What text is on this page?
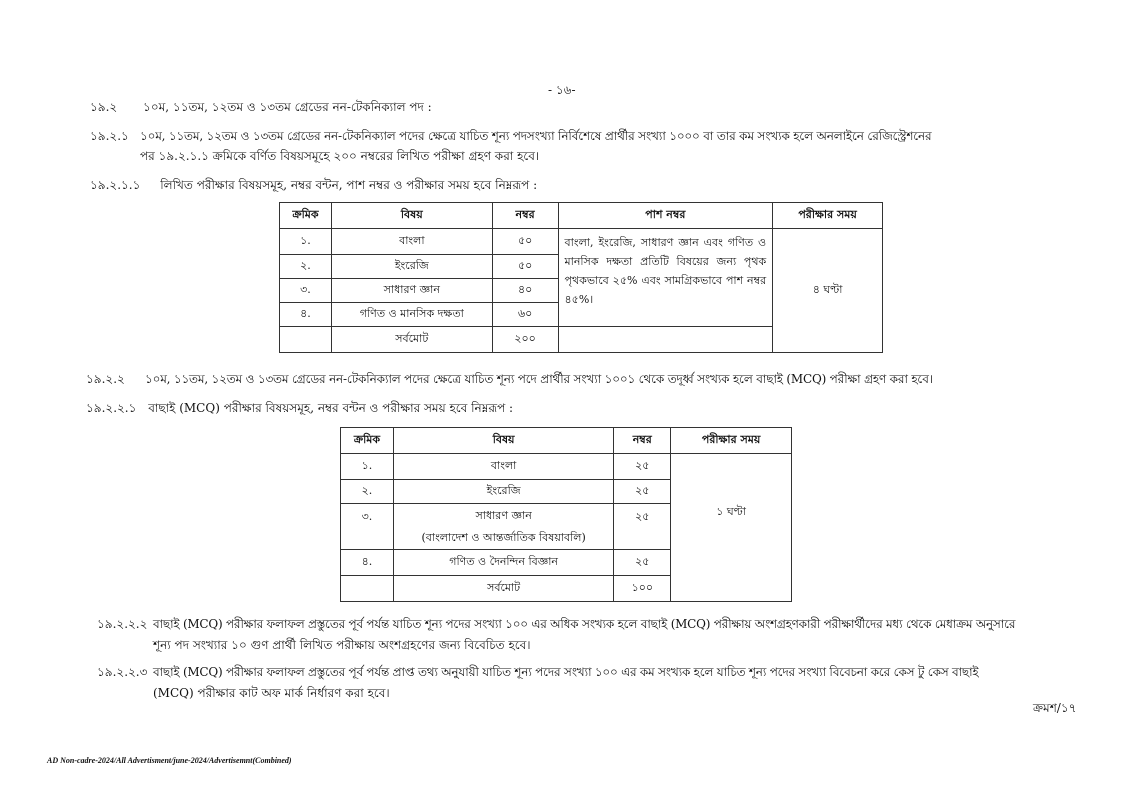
- ১৬-
১৯.২ ১০ম, ১১তম, ১২তম ও ১৩তম গ্রেডের নন-টেকনিক্যাল পদ :
১৯.২.১ ১০ম, ১১তম, ১২তম ও ১৩তম গ্রেডের নন-টেকনিক্যাল পদের ক্ষেত্রে যাচিত শূন্য পদসংখ্যা নির্বিশেষে প্রার্থীর সংখ্যা ১০০০ বা তার কম সংখ্যক হলে অনলাইনে রেজিস্ট্রেশনের
পর ১৯.২.১.১ ক্রমিকে বর্ণিত বিষয়সমূহে ২০০ নম্বরের লিখিত পরীক্ষা গ্রহণ করা হবে।
১৯.২.১.১ লিখিত পরীক্ষার বিষয়সমূহ, নম্বর বন্টন, পাশ নম্বর ও পরীক্ষার সময় হবে নিম্নরূপ :
ক্রমিক	বিষয়	নম্বর	পাশ নম্বর	পরীক্ষার সময়
১.	বাংলা	৫০	বাংলা, ইংরেজি, সাধারণ জ্ঞান এবং গণিত ও মানসিক দক্ষতা প্রতিটি বিষয়ের জন্য পৃথক পৃথকভাবে ২৫% এবং সামগ্রিকভাবে পাশ নম্বর ৪৫%।	৪ ঘণ্টা
২.	ইংরেজি	৫০		
৩.	সাধারণ জ্ঞান	৪০		
৪.	গণিত ও মানসিক দক্ষতা	৬০		
	সর্বমোট	২০০		
১৯.২.২ ১০ম, ১১তম, ১২তম ও ১৩তম গ্রেডের নন-টেকনিক্যাল পদের ক্ষেত্রে যাচিত শূন্য পদে প্রার্থীর সংখ্যা ১০০১ থেকে তদূর্ধ্ব সংখ্যক হলে বাছাই (MCQ) পরীক্ষা গ্রহণ করা হবে।
১৯.২.২.১ বাছাই (MCQ) পরীক্ষার বিষয়সমূহ, নম্বর বন্টন ও পরীক্ষার সময় হবে নিম্নরূপ :
ক্রমিক	বিষয়	নম্বর	পরীক্ষার সময়
১.	বাংলা	২৫	১ ঘণ্টা
২.	ইংরেজি	২৫	
৩.	সাধারণ জ্ঞান
(বাংলাদেশ ও আন্তর্জাতিক বিষয়াবলি)	২৫	
৪.	গণিত ও দৈনন্দিন বিজ্ঞান	২৫	
	সর্বমোট	১০০	
১৯.২.২.২ বাছাই (MCQ) পরীক্ষার ফলাফল প্রস্তুতের পূর্ব পর্যন্ত যাচিত শূন্য পদের সংখ্যা ১০০ এর অধিক সংখ্যক হলে বাছাই (MCQ) পরীক্ষায় অংশগ্রহণকারী পরীক্ষার্থীদের মধ্য থেকে মেধাক্রম অনুসারে
শূন্য পদ সংখ্যার ১০ গুণ প্রার্থী লিখিত পরীক্ষায় অংশগ্রহণের জন্য বিবেচিত হবে।
১৯.২.২.৩ বাছাই (MCQ) পরীক্ষার ফলাফল প্রস্তুতের পূর্ব পর্যন্ত প্রাপ্ত তথ্য অনুযায়ী যাচিত শূন্য পদের সংখ্যা ১০০ এর কম সংখ্যক হলে যাচিত শূন্য পদের সংখ্যা বিবেচনা করে কেস টু কেস বাছাই
(MCQ) পরীক্ষার কাট অফ মার্ক নির্ধারণ করা হবে।
ক্রমশ/১৭
AD Non-cadre-2024/All Advertisment/june-2024/Advertisemnt(Combined)
